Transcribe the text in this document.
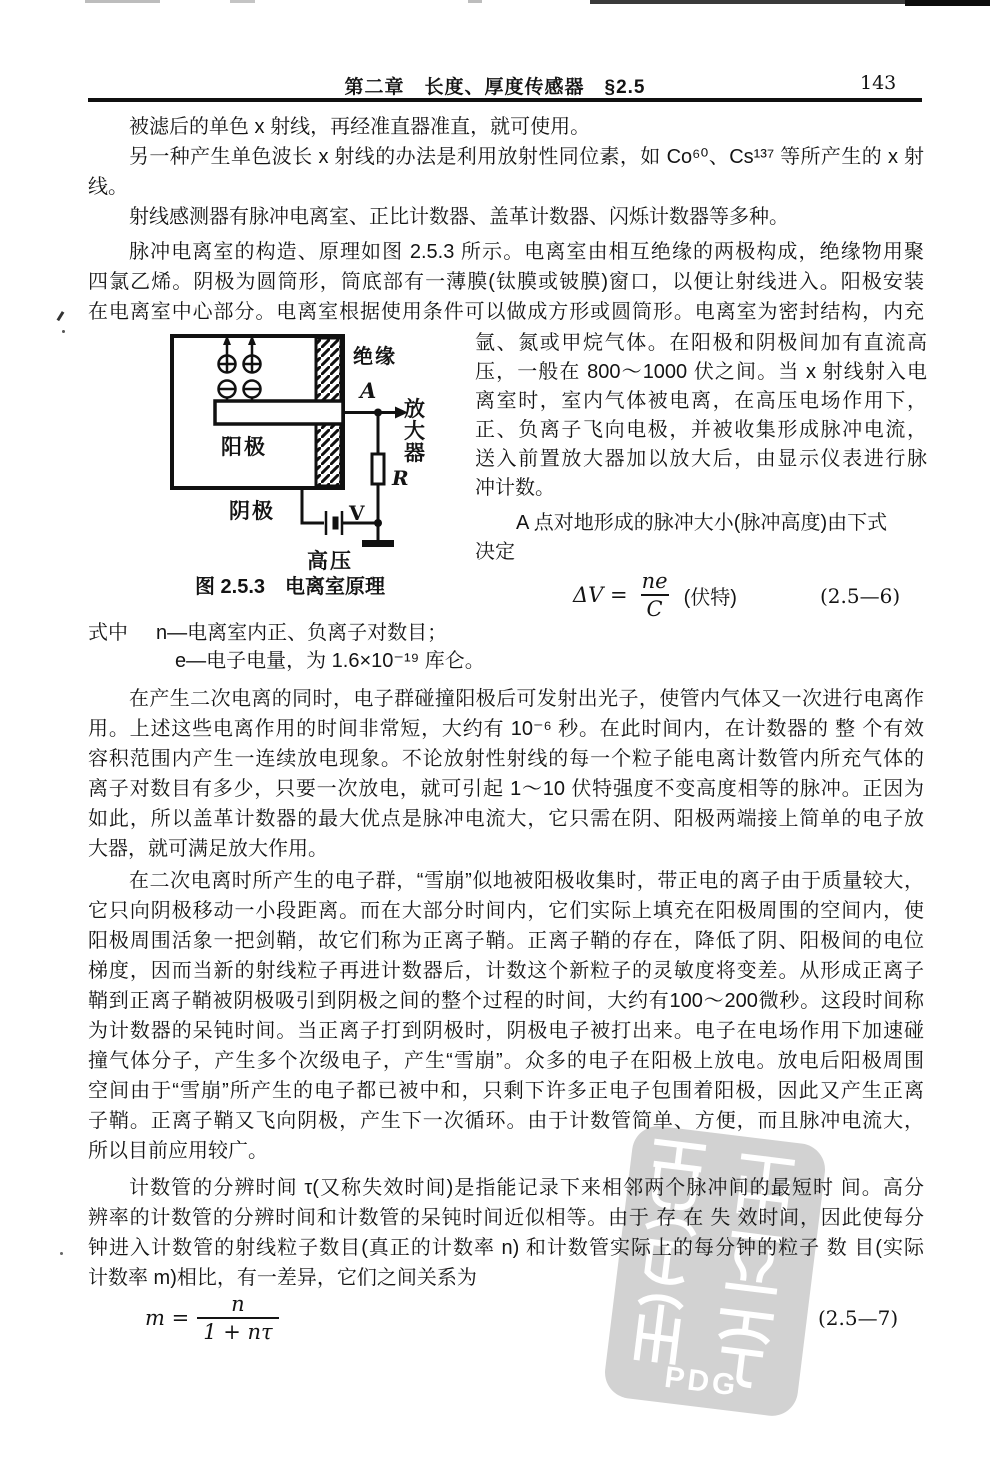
PDG
第二章　长度、厚度传感器　§2.5	143
被滤后的单色 x 射线，再经准直器准直，就可使用。
另一种产生单色波长 x 射线的办法是利用放射性同位素，如 Co⁶⁰、Cs¹³⁷ 等所产生的 x 射
线。
射线感测器有脉冲电离室、正比计数器、盖革计数器、闪烁计数器等多种。
脉冲电离室的构造、原理如图 2.5.3 所示。电离室由相互绝缘的两极构成，绝缘物用聚
四氯乙烯。阴极为圆筒形，筒底部有一薄膜(钛膜或铍膜)窗口，以便让射线进入。阳极安装
在电离室中心部分。电离室根据使用条件可以做成方形或圆筒形。电离室为密封结构，内充
绝缘
A
放大器
R
V
阳极
阴极
高压
图 2.5.3　电离室原理
氩、氮或甲烷气体。在阳极和阴极间加有直流高
压，一般在 800～1000 伏之间。当 x 射线射入电
离室时，室内气体被电离，在高压电场作用下，
正、负离子飞向电极，并被收集形成脉冲电流，
送入前置放大器加以放大后，由显示仪表进行脉
冲计数。
A 点对地形成的脉冲大小(脉冲高度)由下式
决定
$\Delta V = \frac{ne}{C}$ (伏特)	(2.5—6)
式中 n—电离室内正、负离子对数目；
e—电子电量，为 1.6×10⁻¹⁹ 库仑。
在产生二次电离的同时，电子群碰撞阳极后可发射出光子，使管内气体又一次进行电离作
用。上述这些电离作用的时间非常短，大约有 10⁻⁶ 秒。在此时间内，在计数器的 整 个有效
容积范围内产生一连续放电现象。不论放射性射线的每一个粒子能电离计数管内所充气体的
离子对数目有多少，只要一次放电，就可引起 1～10 伏特强度不变高度相等的脉冲。正因为
如此，所以盖革计数器的最大优点是脉冲电流大，它只需在阴、阳极两端接上简单的电子放
大器，就可满足放大作用。
在二次电离时所产生的电子群，“雪崩”似地被阳极收集时，带正电的离子由于质量较大，
它只向阴极移动一小段距离。而在大部分时间内，它们实际上填充在阳极周围的空间内，使
阳极周围活象一把剑鞘，故它们称为正离子鞘。正离子鞘的存在，降低了阴、阳极间的电位
梯度，因而当新的射线粒子再进计数器后，计数这个新粒子的灵敏度将变差。从形成正离子
鞘到正离子鞘被阴极吸引到阴极之间的整个过程的时间，大约有100～200微秒。这段时间称
为计数器的呆钝时间。当正离子打到阴极时，阴极电子被打出来。电子在电场作用下加速碰
撞气体分子，产生多个次级电子，产生“雪崩”。众多的电子在阳极上放电。放电后阳极周围
空间由于“雪崩”所产生的电子都已被中和，只剩下许多正电子包围着阳极，因此又产生正离
子鞘。正离子鞘又飞向阴极，产生下一次循环。由于计数管简单、方便，而且脉冲电流大，
所以目前应用较广。
计数管的分辨时间 τ(又称失效时间)是指能记录下来相邻两个脉冲间的最短时 间。高分
辨率的计数管的分辨时间和计数管的呆钝时间近似相等。由于 存 在 失 效时间，因此使每分
钟进入计数管的射线粒子数目(真正的计数率 n) 和计数管实际上的每分钟的粒子 数 目(实际
计数率 m)相比，有一差异，它们之间关系为
$m = \frac{n}{1 + n\tau}$	(2.5—7)
